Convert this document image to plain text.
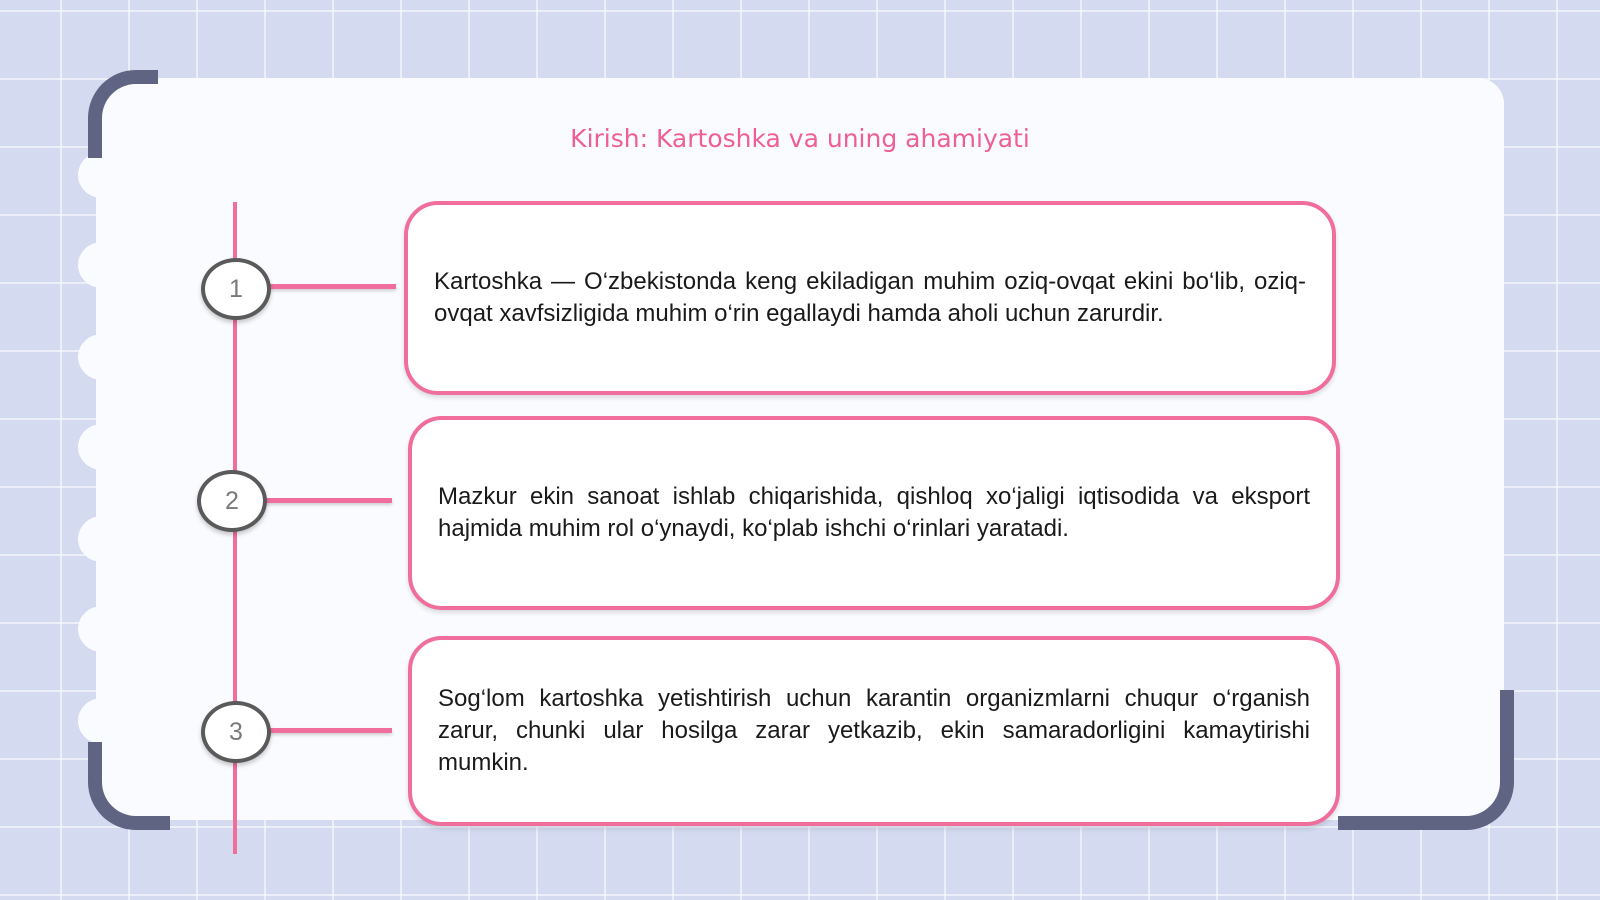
Kirish: Kartoshka va uning ahamiyati
1
2
3

Kartoshka — O‘zbekistonda keng ekiladigan muhim oziq-ovqat ekini bo‘lib, oziq-ovqat xavfsizligida muhim o‘rin egallaydi hamda aholi uchun zarurdir.

Mazkur ekin sanoat ishlab chiqarishida, qishloq xo‘jaligi iqtisodida va eksport hajmida muhim rol o‘ynaydi, ko‘plab ishchi o‘rinlari yaratadi.

Sog‘lom kartoshka yetishtirish uchun karantin organizmlarni chuqur o‘rganish zarur, chunki ular hosilga zarar yetkazib, ekin samaradorligini kamaytirishi mumkin.
